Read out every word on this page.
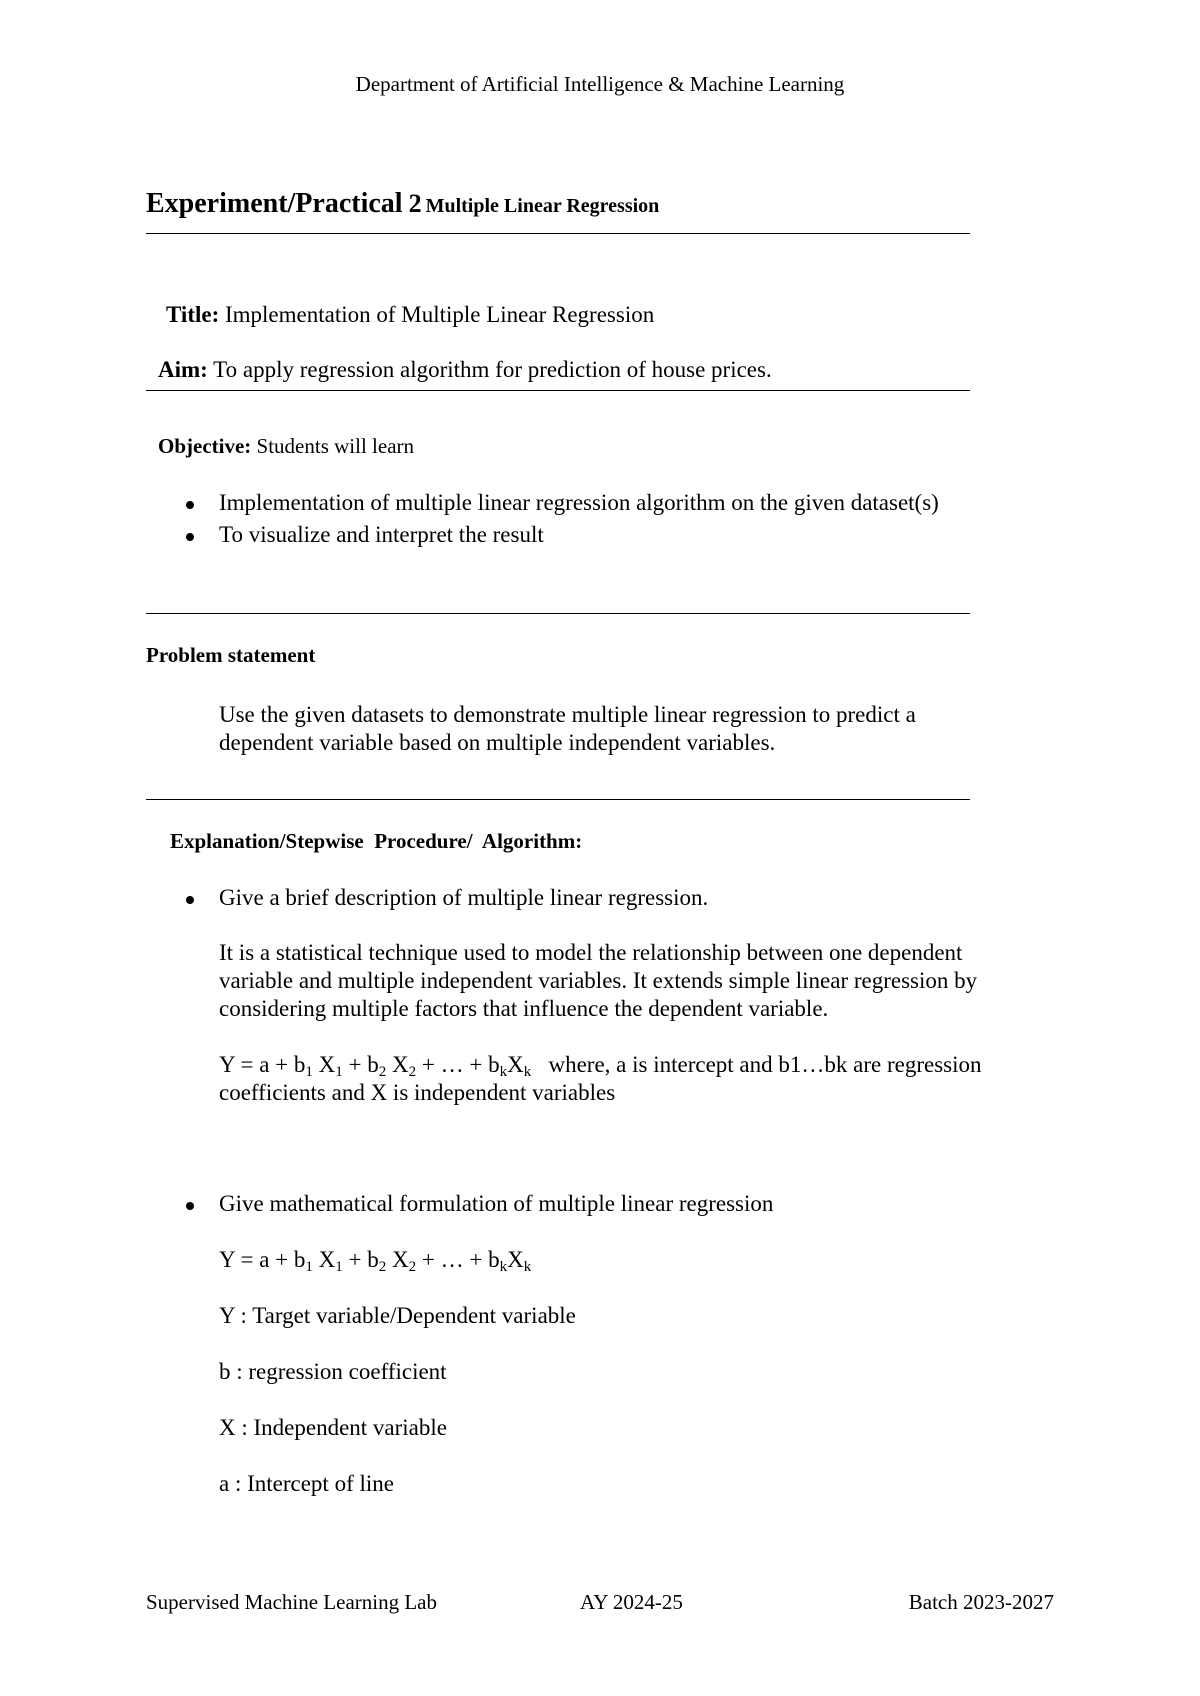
Department of Artificial Intelligence & Machine Learning
Experiment/Practical 2 Multiple Linear Regression
Title: Implementation of Multiple Linear Regression
Aim: To apply regression algorithm for prediction of house prices.
Objective: Students will learn
Implementation of multiple linear regression algorithm on the given dataset(s)
To visualize and interpret the result
Problem statement
Use the given datasets to demonstrate multiple linear regression to predict a
dependent variable based on multiple independent variables.
Explanation/Stepwise  Procedure/  Algorithm:
Give a brief description of multiple linear regression.
It is a statistical technique used to model the relationship between one dependent
variable and multiple independent variables. It extends simple linear regression by
considering multiple factors that influence the dependent variable.
$Y = a + b_1$ $X_1 + b_2$ $X_2$ + … + $b_kX_k$ where, a is intercept and b1…bk are regression
coefficients and X is independent variables
Give mathematical formulation of multiple linear regression
$Y = a + b_1$ $X_1 + b_2$ $X_2$ + … + $b_kX_k$
Y : Target variable/Dependent variable
b : regression coefficient
X : Independent variable
a : Intercept of line
Supervised Machine Learning Lab	AY 2024-25	Batch 2023-2027
